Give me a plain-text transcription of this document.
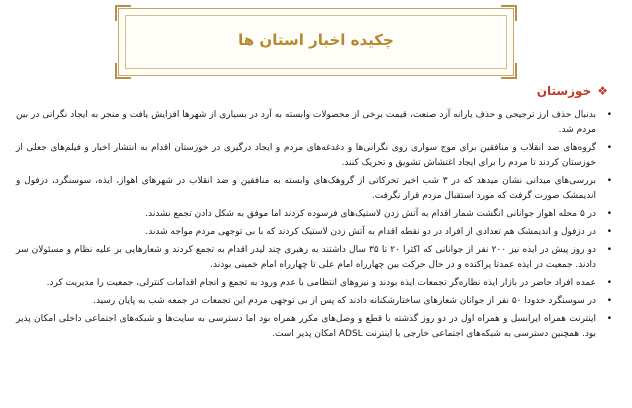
چکیده اخبار استان ها
❖
خوزستان
•
بدنبال حذف ارز ترجیحی و حذف یارانه آرد صنعت، قیمت برخی از محصولات وابسته به آرد در بسیاری از شهرها افزایش یافت و منجر به ایجاد نگرانی در بین مردم شد.
•
گروه‌های ضد انقلاب و منافقین برای موج سواری روی نگرانی‌ها و دغدغه‌های مردم و ایجاد درگیری در خوزستان اقدام به انتشار اخبار و فیلم‌های جعلی از خوزستان کردند تا مردم را برای ایجاد اغتشاش تشویق و تحریک کنند.
•
بررسی‌های میدانی نشان میدهد که در ۳ شب اخیر تحرکاتی از گروهک‌های وابسته به منافقین و ضد انقلاب در شهرهای اهواز، ایذه، سوسنگرد، دزفول و اندیمشک صورت گرفت که مورد استقبال مردم قرار نگرفت.
•
در ۵ محله اهواز جوانانی انگشت شمار اقدام به آتش زدن لاستیک‌های فرسوده کردند اما موفق به شکل دادن تجمع نشدند.
•
در دزفول و اندیمشک هم تعدادی از افراد در دو نقطه اقدام به آتش زدن لاستیک کردند که با بی توجهی مردم مواجه شدند.
•
دو روز پیش در ایذه نیز ۲۰۰ نفر از جوانانی که اکثرا ۲۰ تا ۳۵ سال داشتند به رهبری چند لیدر اقدام به تجمع کردند و شعارهایی بر علیه نظام و مسئولان سر دادند. جمعیت در ایذه عمدتا پراکنده و در حال حرکت بین چهارراه امام علی تا چهارراه امام خمینی بودند.
•
عمده افراد حاضر در بازار ایذه نظاره‌گر تجمعات ایذه بودند و نیروهای انتظامی با عدم ورود به تجمع و انجام اقدامات کنترلی، جمعیت را مدیریت کرد.
•
در سوسنگرد حدودا ۵۰ نفر از جوانان شعارهای ساختارشکنانه دادند که پس از بی توجهی مردم این تجمعات در جمعه شب به پایان رسید.
•
اینترنت همراه ایرانسل و همراه اول در دو روز گذشته با قطع و وصل‌های مکرر همراه بود اما دسترسی به سایت‌ها و شبکه‌های اجتماعی داخلی امکان پذیر بود. همچنین دسترسی به شبکه‌های اجتماعی خارجی با اینترنت ADSL امکان پذیر است.
